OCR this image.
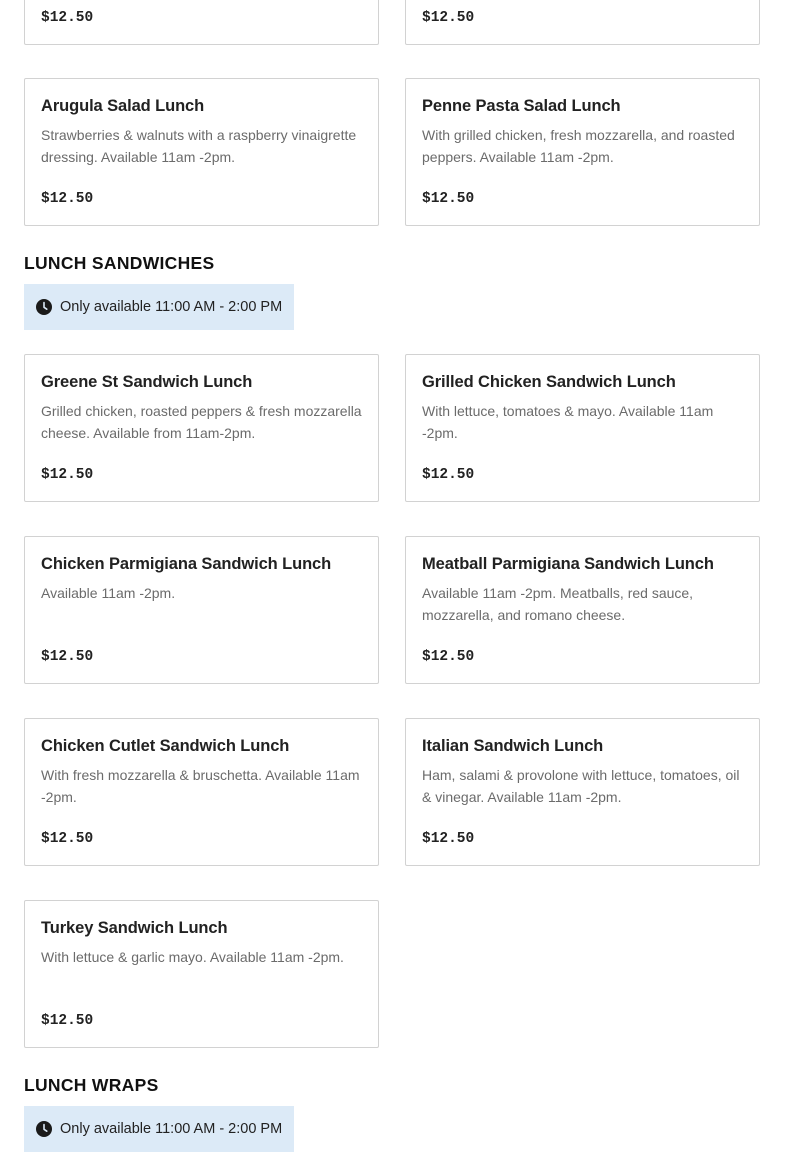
$12.50	$12.50
Arugula Salad Lunch
Strawberries & walnuts with a raspberry vinaigrette dressing. Available 11am -2pm.
$12.50
Penne Pasta Salad Lunch
With grilled chicken, fresh mozzarella, and roasted peppers. Available 11am -2pm.
$12.50
LUNCH SANDWICHES
Only available 11:00 AM - 2:00 PM
Greene St Sandwich Lunch
Grilled chicken, roasted peppers & fresh mozzarella cheese. Available from 11am-2pm.
$12.50
Grilled Chicken Sandwich Lunch
With lettuce, tomatoes & mayo. Available 11am -2pm.
$12.50
Chicken Parmigiana Sandwich Lunch
Available 11am -2pm.
$12.50
Meatball Parmigiana Sandwich Lunch
Available 11am -2pm. Meatballs, red sauce, mozzarella, and romano cheese.
$12.50
Chicken Cutlet Sandwich Lunch
With fresh mozzarella & bruschetta. Available 11am -2pm.
$12.50
Italian Sandwich Lunch
Ham, salami & provolone with lettuce, tomatoes, oil & vinegar. Available 11am -2pm.
$12.50
Turkey Sandwich Lunch
With lettuce & garlic mayo. Available 11am -2pm.
$12.50
LUNCH WRAPS
Only available 11:00 AM - 2:00 PM
